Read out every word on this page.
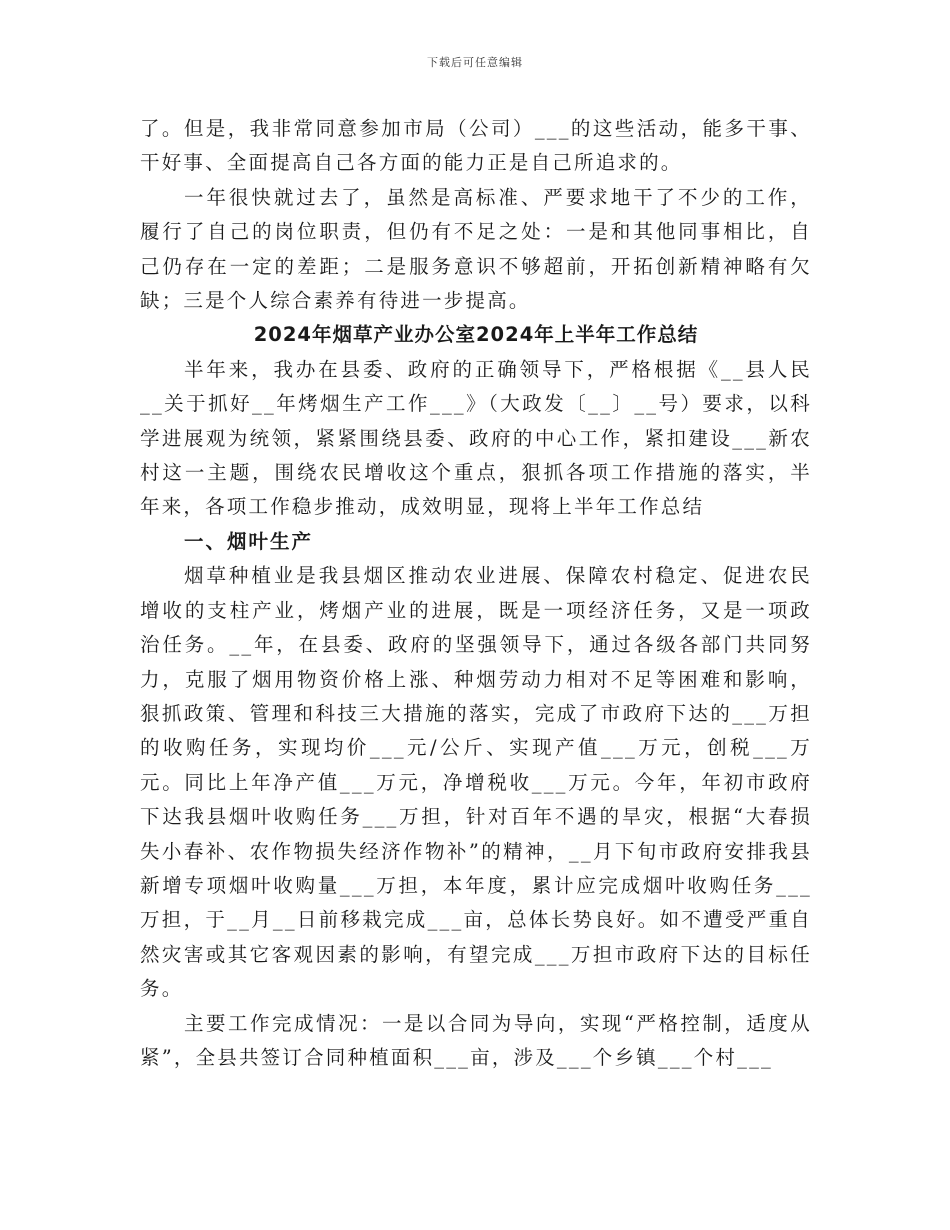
下载后可任意编辑

了。但是，我非常同意参加市局（公司）___的这些活动，能多干事、干好事、全面提高自己各方面的能力正是自己所追求的。

一年很快就过去了，虽然是高标准、严要求地干了不少的工作，履行了自己的岗位职责，但仍有不足之处：一是和其他同事相比，自己仍存在一定的差距；二是服务意识不够超前，开拓创新精神略有欠缺；三是个人综合素养有待进一步提高。

2024年烟草产业办公室2024年上半年工作总结

半年来，我办在县委、政府的正确领导下，严格根据《__县人民__关于抓好__年烤烟生产工作___》（大政发〔__〕__号）要求，以科学进展观为统领，紧紧围绕县委、政府的中心工作，紧扣建设___新农村这一主题，围绕农民增收这个重点，狠抓各项工作措施的落实，半年来，各项工作稳步推动，成效明显，现将上半年工作总结

一、烟叶生产

烟草种植业是我县烟区推动农业进展、保障农村稳定、促进农民增收的支柱产业，烤烟产业的进展，既是一项经济任务，又是一项政治任务。__年，在县委、政府的坚强领导下，通过各级各部门共同努力，克服了烟用物资价格上涨、种烟劳动力相对不足等困难和影响，狠抓政策、管理和科技三大措施的落实，完成了市政府下达的___万担的收购任务，实现均价___元/公斤、实现产值___万元，创税___万元。同比上年净产值___万元，净增税收___万元。今年，年初市政府下达我县烟叶收购任务___万担，针对百年不遇的旱灾，根据“大春损失小春补、农作物损失经济作物补”的精神，__月下旬市政府安排我县新增专项烟叶收购量___万担，本年度，累计应完成烟叶收购任务___万担，于__月__日前移栽完成___亩，总体长势良好。如不遭受严重自然灾害或其它客观因素的影响，有望完成___万担市政府下达的目标任务。

主要工作完成情况：一是以合同为导向，实现“严格控制，适度从紧”，全县共签订合同种植面积___亩，涉及___个乡镇___个村___
